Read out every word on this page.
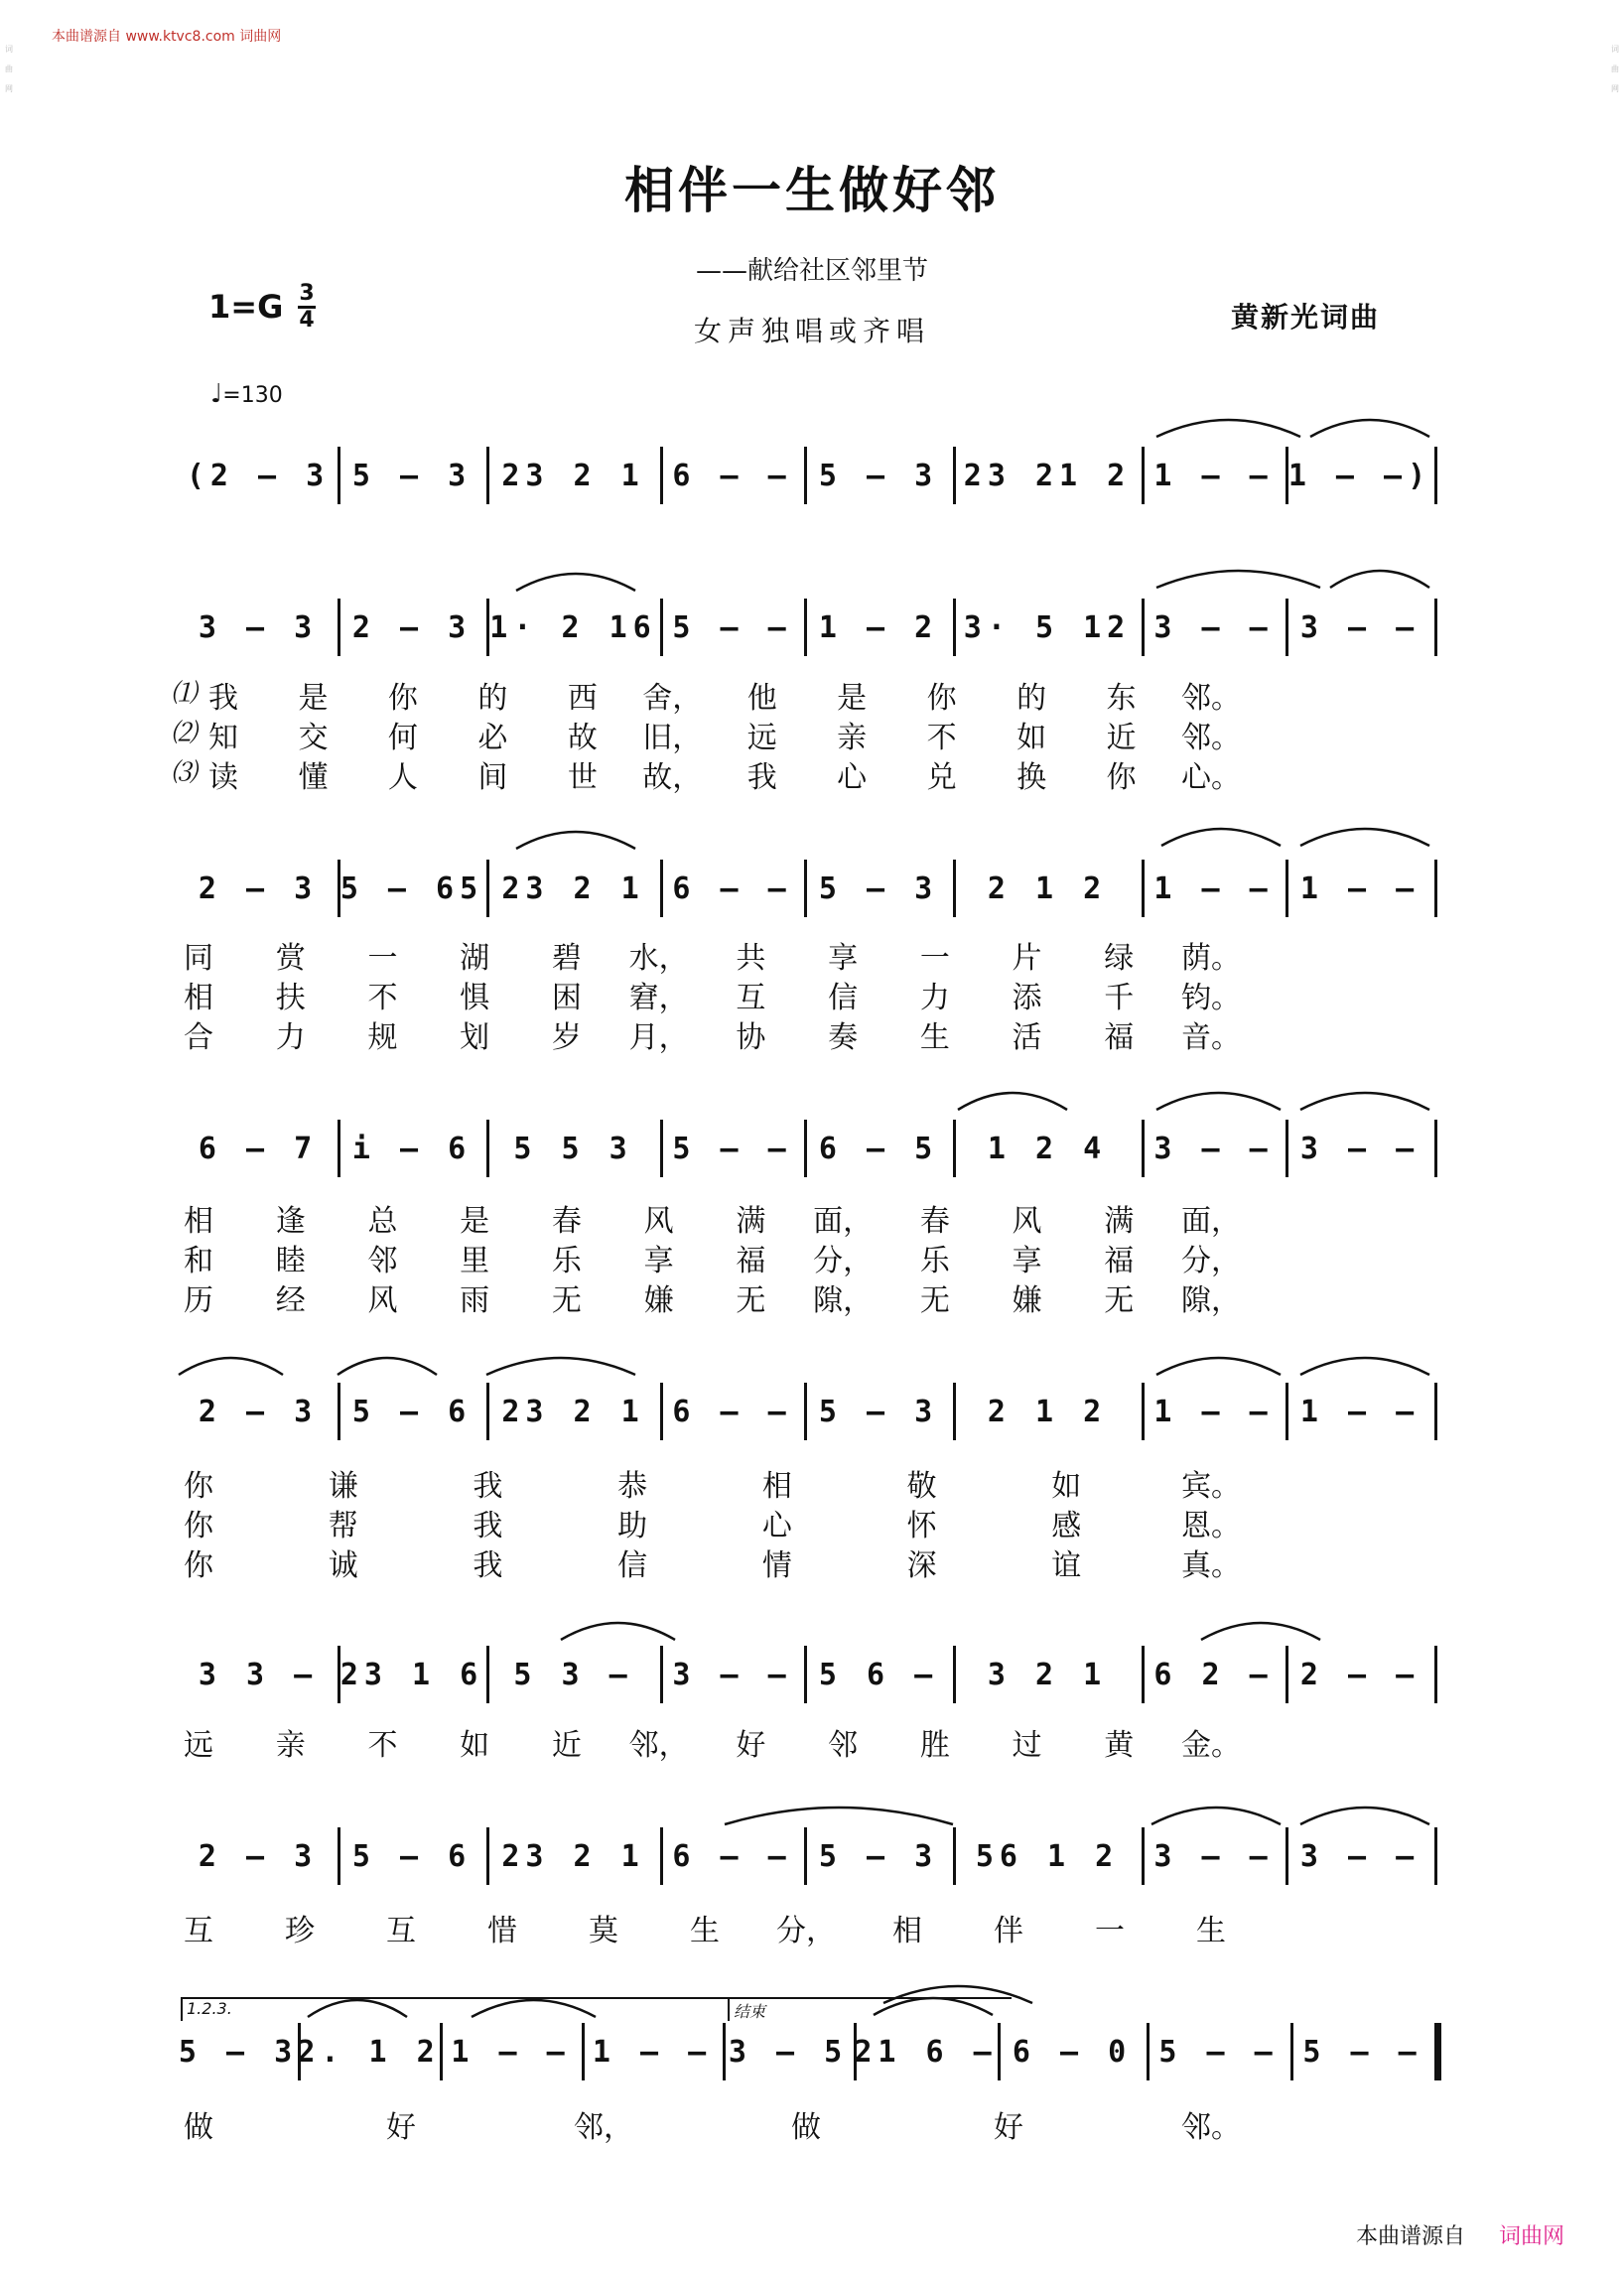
本曲谱源自 www.ktvc8.com 词曲网
词曲网
词曲网
相伴一生做好邻
——献给社区邻里节
1=G 3
4	女声独唱或齐唱	黄新光词曲
♩=130
(2 – 3 5 – 3 23 2 1 6 – – 5 – 3 23 21 2 1 – – 1 – –)
3 – 3 2 – 3 1· 2 16 5 – – 1 – 2 3· 5 12 3 – – 3 – –
⑴ 我 是 你 的 西 舍， 他 是 你 的 东 邻。
⑵ 知 交 何 必 故 旧， 远 亲 不 如 近 邻。
⑶ 读 懂 人 间 世 故， 我 心 兑 换 你 心。
2 – 3 5 – 65 23 2 1 6 – – 5 – 3 2 1 2 1 – – 1 – –
同 赏 一 湖 碧 水， 共 享 一 片 绿 荫。
相 扶 不 惧 困 窘， 互 信 力 添 千 钧。
合 力 规 划 岁 月， 协 奏 生 活 福 音。
6 – 7 i – 6 5 5 3 5 – – 6 – 5 1 2 4 3 – – 3 – –
相 逢 总 是 春 风 满 面， 春 风 满 面，
和 睦 邻 里 乐 享 福 分， 乐 享 福 分，
历 经 风 雨 无 嫌 无 隙， 无 嫌 无 隙，
2 – 3 5 – 6 23 2 1 6 – – 5 – 3 2 1 2 1 – – 1 – –
你	谦	我	恭	相	敬	如	宾。
你	帮	我	助	心	怀	感	恩。
你	诚	我	信	情	深	谊	真。
3 3 – 23 1 6 5 3 – 3 – – 5 6 – 3 2 1 6 2 – 2 – –
远 亲 不 如 近 邻， 好 邻 胜 过 黄 金。
2 – 3 5 – 6 23 2 1 6 – – 5 – 3 56 1 2 3 – – 3 – –
互 珍 互 惜 莫 生 分， 相 伴 一 生
5 – 3 2. 1 2 1 – – 1 – – 3 – 5 21 6 – 6 – 0 5 – – 5 – –
做	好	邻，	做	好	邻。
1.2.3.	结束
本曲谱源自 词曲网
